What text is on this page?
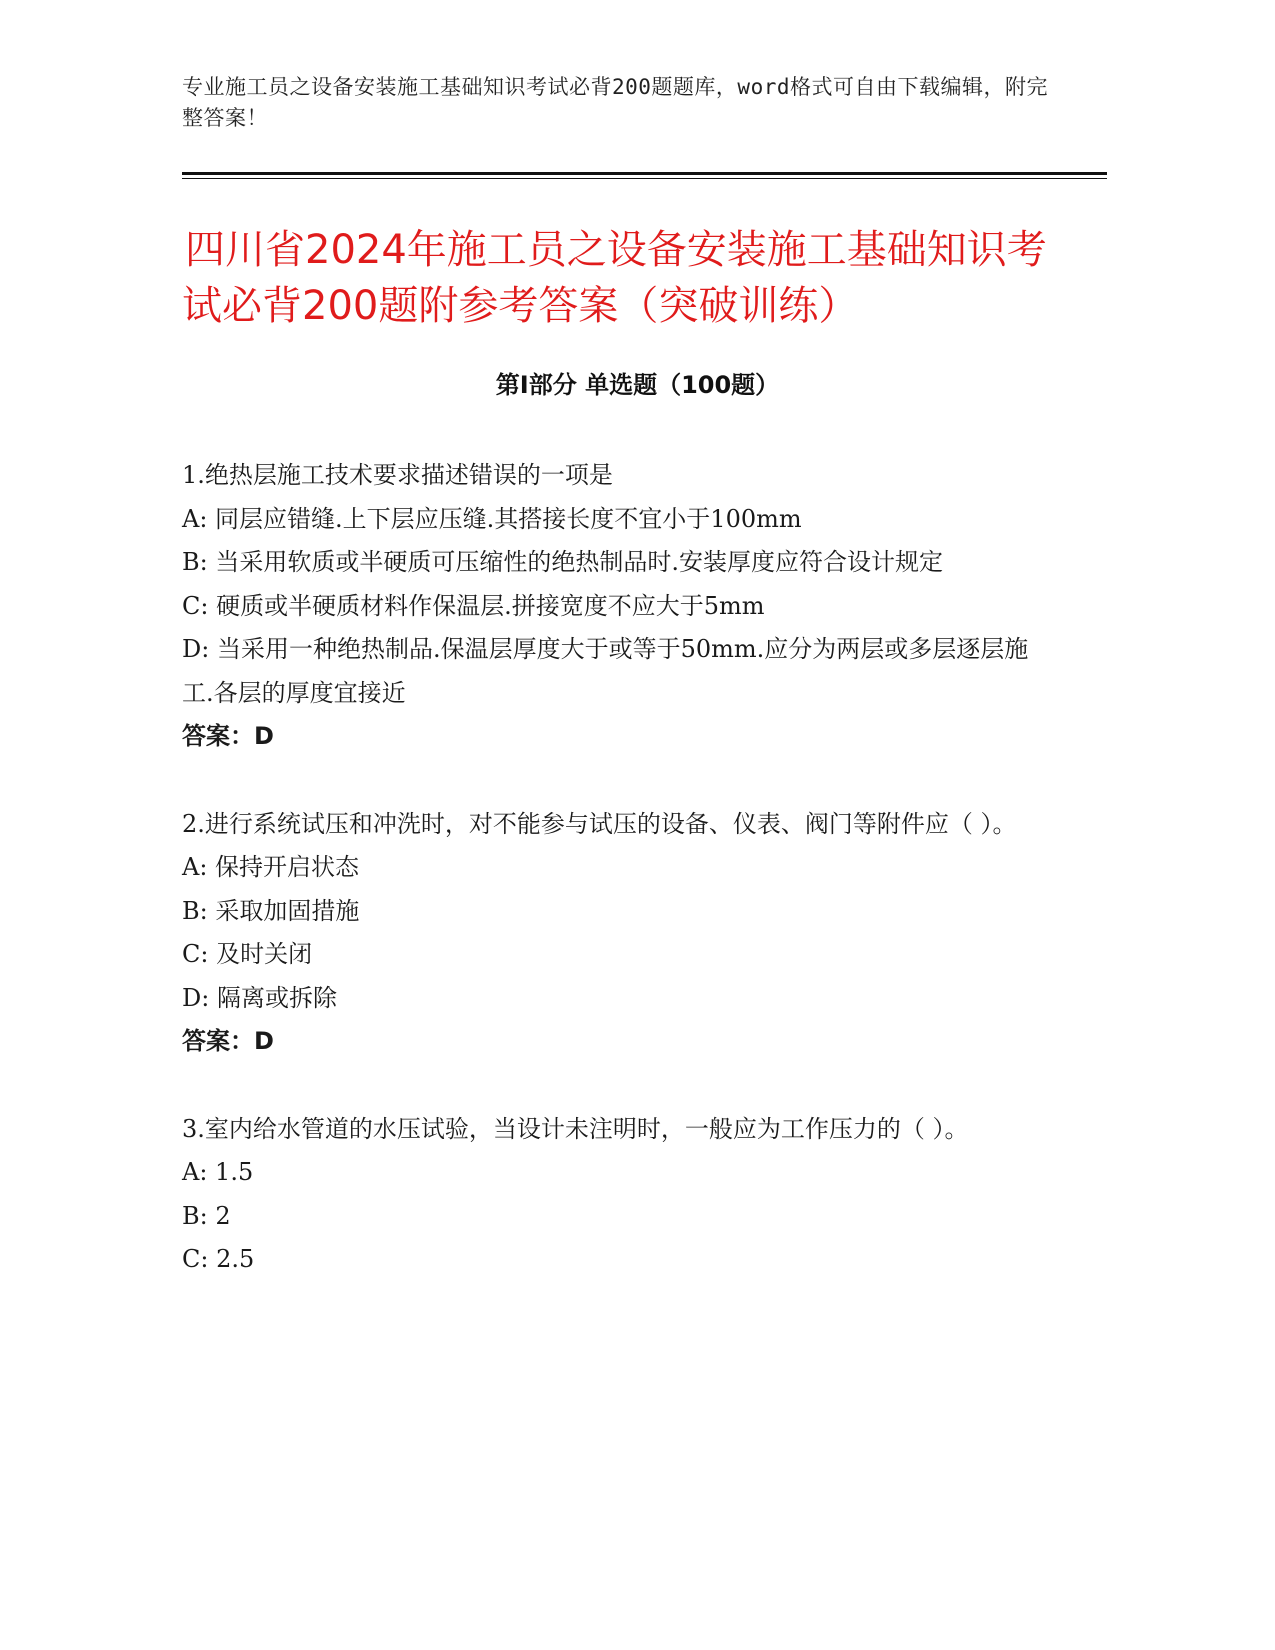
专业施工员之设备安装施工基础知识考试必背200题题库，word格式可自由下载编辑，附完整答案！
四川省2024年施工员之设备安装施工基础知识考试必背200题附参考答案（突破训练）
第Ⅰ部分 单选题（100题）

1.绝热层施工技术要求描述错误的一项是

A: 同层应错缝.上下层应压缝.其搭接长度不宜小于100mm

B: 当采用软质或半硬质可压缩性的绝热制品时.安装厚度应符合设计规定

C: 硬质或半硬质材料作保温层.拼接宽度不应大于5mm

D: 当采用一种绝热制品.保温层厚度大于或等于50mm.应分为两层或多层逐层施工.各层的厚度宜接近

答案：D

2.进行系统试压和冲洗时，对不能参与试压的设备、仪表、阀门等附件应（ ）。

A: 保持开启状态

B: 采取加固措施

C: 及时关闭

D: 隔离或拆除

答案：D

3.室内给水管道的水压试验，当设计未注明时，一般应为工作压力的（ ）。

A: 1.5

B: 2

C: 2.5
